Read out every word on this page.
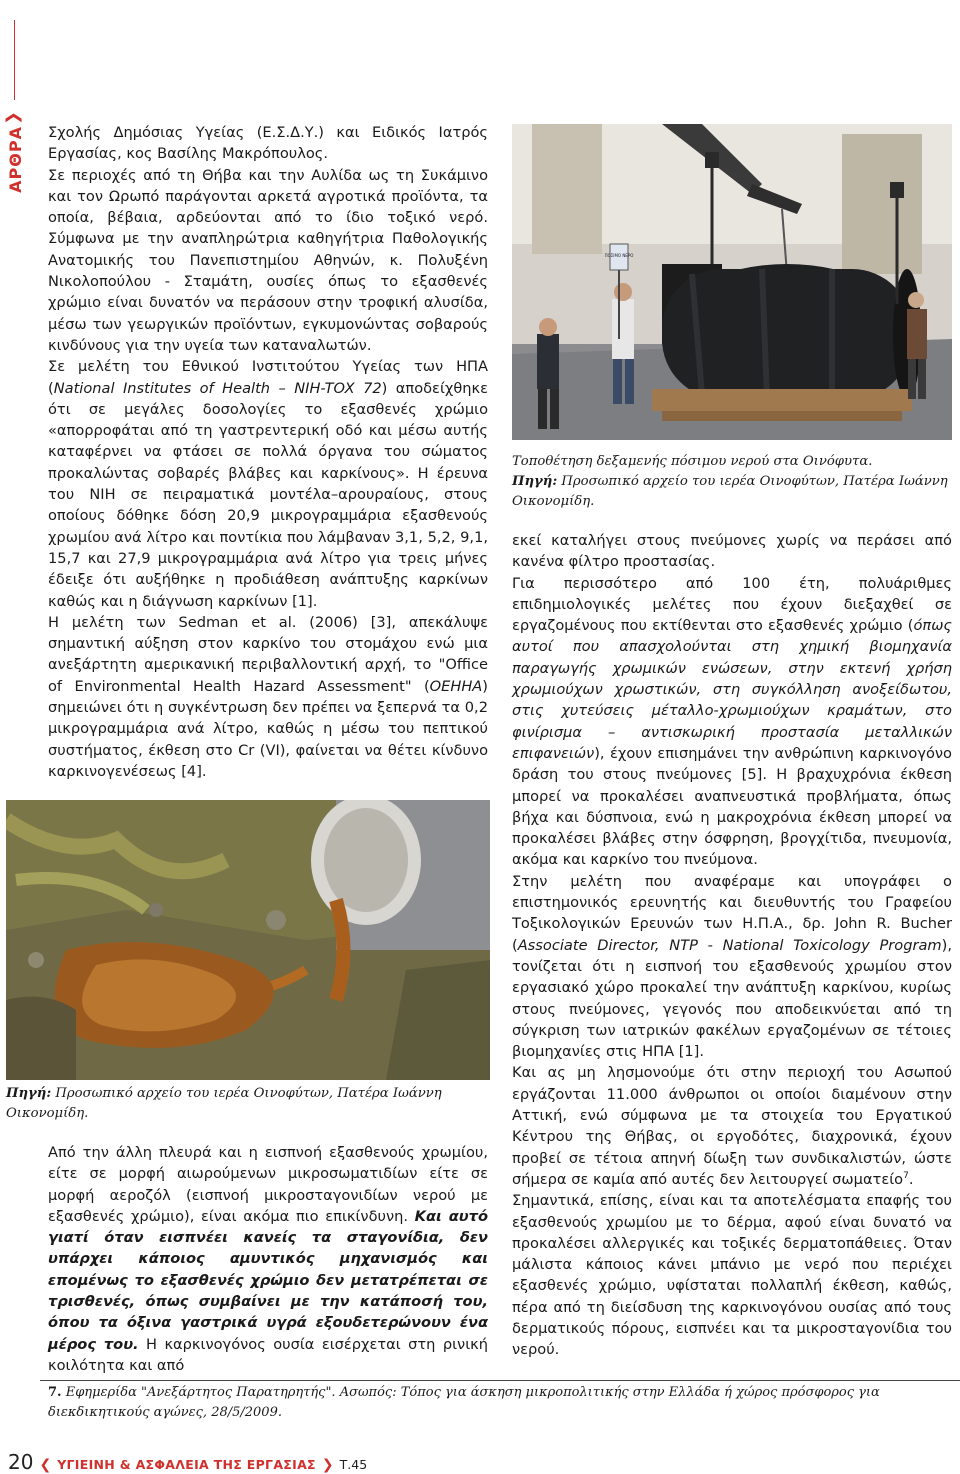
❮
ΑΡΘΡΑ Σχολής Δημόσιας Υγείας (Ε.Σ.Δ.Υ.) και Ειδικός Ιατρός Εργασίας, κος Βασίλης Μακρόπουλος.

Σε περιοχές από τη Θήβα και την Αυλίδα ως τη Συκάμινο και τον Ωρωπό παράγονται αρκετά αγροτικά προϊόντα, τα οποία, βέβαια, αρδεύονται από το ίδιο τοξικό νερό. Σύμφωνα με την αναπληρώτρια καθηγήτρια Παθολογικής Ανατομικής του Πανεπιστημίου Αθηνών, κ. Πολυξένη Νικολοπούλου - Σταμάτη, ουσίες όπως το εξασθενές χρώμιο είναι δυνατόν να περάσουν στην τροφική αλυσίδα, μέσω των γεωργικών προϊόντων, εγκυμονώντας σοβαρούς κινδύνους για την υγεία των καταναλωτών.

Σε μελέτη του Εθνικού Ινστιτούτου Υγείας των ΗΠΑ (National Institutes of Health – NIH-TOX 72) αποδείχθηκε ότι σε μεγάλες δοσολογίες το εξασθενές χρώμιο «απορροφάται από τη γαστρεντερική οδό και μέσω αυτής καταφέρνει να φτάσει σε πολλά όργανα του σώματος προκαλώντας σοβαρές βλάβες και καρκίνους». Η έρευνα του NIH σε πειραματικά μοντέλα–αρουραίους, στους οποίους δόθηκε δόση 20,9 μικρογραμμάρια εξασθενούς χρωμίου ανά λίτρο και ποντίκια που λάμβαναν 3,1, 5,2, 9,1, 15,7 και 27,9 μικρογραμμάρια ανά λίτρο για τρεις μήνες έδειξε ότι αυξήθηκε η προδιάθεση ανάπτυξης καρκίνων καθώς και η διάγνωση καρκίνων [1].

Η μελέτη των Sedman et al. (2006) [3], απεκάλυψε σημαντική αύξηση στον καρκίνο του στομάχου ενώ μια ανεξάρτητη αμερικανική περιβαλλοντική αρχή, το "Office of Environmental Health Hazard Assessment" (OEHHA) σημειώνει ότι η συγκέντρωση δεν πρέπει να ξεπερνά τα 0,2 μικρογραμμάρια ανά λίτρο, καθώς η μέσω του πεπτικού συστήματος, έκθεση στο Cr (VI), φαίνεται να θέτει κίνδυνο καρκινογενέσεως [4].

ΠΟΣΙΜΟ ΝΕΡΟ
Τοποθέτηση δεξαμενής πόσιμου νερού στα Οινόφυτα.
Πηγή: Προσωπικό αρχείο του ιερέα Οινοφύτων, Πατέρα Ιωάννη Οικονομίδη.

εκεί καταλήγει στους πνεύμονες χωρίς να περάσει από κανένα φίλτρο προστασίας.

Για περισσότερο από 100 έτη, πολυάριθμες επιδημιολογικές μελέτες που έχουν διεξαχθεί σε εργαζομένους που εκτίθενται στο εξασθενές χρώμιο (όπως αυτοί που απασχολούνται στη χημική βιομηχανία παραγωγής χρωμικών ενώσεων, στην εκτενή χρήση χρωμιούχων χρωστικών, στη συγκόλληση ανοξείδωτου, στις χυτεύσεις μέταλλο-χρωμιούχων κραμάτων, στο φινίρισμα – αντισκωρική προστασία μεταλλικών επιφανειών), έχουν επισημάνει την ανθρώπινη καρκινογόνο δράση του στους πνεύμονες [5]. Η βραχυχρόνια έκθεση μπορεί να προκαλέσει αναπνευστικά προβλήματα, όπως βήχα και δύσπνοια, ενώ η μακροχρόνια έκθεση μπορεί να προκαλέσει βλάβες στην όσφρηση, βρογχίτιδα, πνευμονία, ακόμα και καρκίνο του πνεύμονα.

Στην μελέτη που αναφέραμε και υπογράφει ο επιστημονικός ερευνητής και διευθυντής του Γραφείου Τοξικολογικών Ερευνών των Η.Π.Α., δρ. John R. Bucher (Associate Director, NTP - National Toxicology Program), τονίζεται ότι η εισπνοή του εξασθενούς χρωμίου στον εργασιακό χώρο προκαλεί την ανάπτυξη καρκίνου, κυρίως στους πνεύμονες, γεγονός που αποδεικνύεται από τη σύγκριση των ιατρικών φακέλων εργαζομένων σε τέτοιες βιομηχανίες στις ΗΠΑ [1].

Και ας μη λησμονούμε ότι στην περιοχή του Ασωπού εργάζονται 11.000 άνθρωποι οι οποίοι διαμένουν στην Αττική, ενώ σύμφωνα με τα στοιχεία του Εργατικού Κέντρου της Θήβας, οι εργοδότες, διαχρονικά, έχουν προβεί σε τέτοια απηνή δίωξη των συνδικαλιστών, ώστε σήμερα σε καμία από αυτές δεν λειτουργεί σωματείο$^7$.

Σημαντικά, επίσης, είναι και τα αποτελέσματα επαφής του εξασθενούς χρωμίου με το δέρμα, αφού είναι δυνατό να προκαλέσει αλλεργικές και τοξικές δερματοπάθειες. Όταν μάλιστα κάποιος κάνει μπάνιο με νερό που περιέχει εξασθενές χρώμιο, υφίσταται πολλαπλή έκθεση, καθώς, πέρα από τη διείσδυση της καρκινογόνου ουσίας από τους δερματικούς πόρους, εισπνέει και τα μικροσταγονίδια του νερού.

Πηγή: Προσωπικό αρχείο του ιερέα Οινοφύτων, Πατέρα Ιωάννη Οικονομίδη.

Από την άλλη πλευρά και η εισπνοή εξασθενούς χρωμίου, είτε σε μορφή αιωρούμενων μικροσωματιδίων είτε σε μορφή αεροζόλ (εισπνοή μικροσταγονιδίων νερού με εξασθενές χρώμιο), είναι ακόμα πιο επικίνδυνη. Και αυτό γιατί όταν εισπνέει κανείς τα σταγονίδια, δεν υπάρχει κάποιος αμυντικός μηχανισμός και επομένως το εξασθενές χρώμιο δεν μετατρέπεται σε τρισθενές, όπως συμβαίνει με την κατάποσή του, όπου τα όξινα γαστρικά υγρά εξουδετερώνουν ένα μέρος του. Η καρκινογόνος ουσία εισέρχεται στη ρινική κοιλότητα και από

7. Εφημερίδα "Ανεξάρτητος Παρατηρητής". Ασωπός: Τόπος για άσκηση μικροπολιτικής στην Ελλάδα ή χώρος πρόσφορος για διεκδικητικούς αγώνες, 28/5/2009.
20 ❮ ΥΓΙΕΙΝΗ & ΑΣΦΑΛΕΙΑ ΤΗΣ ΕΡΓΑΣΙΑΣ ❯ Τ.45
